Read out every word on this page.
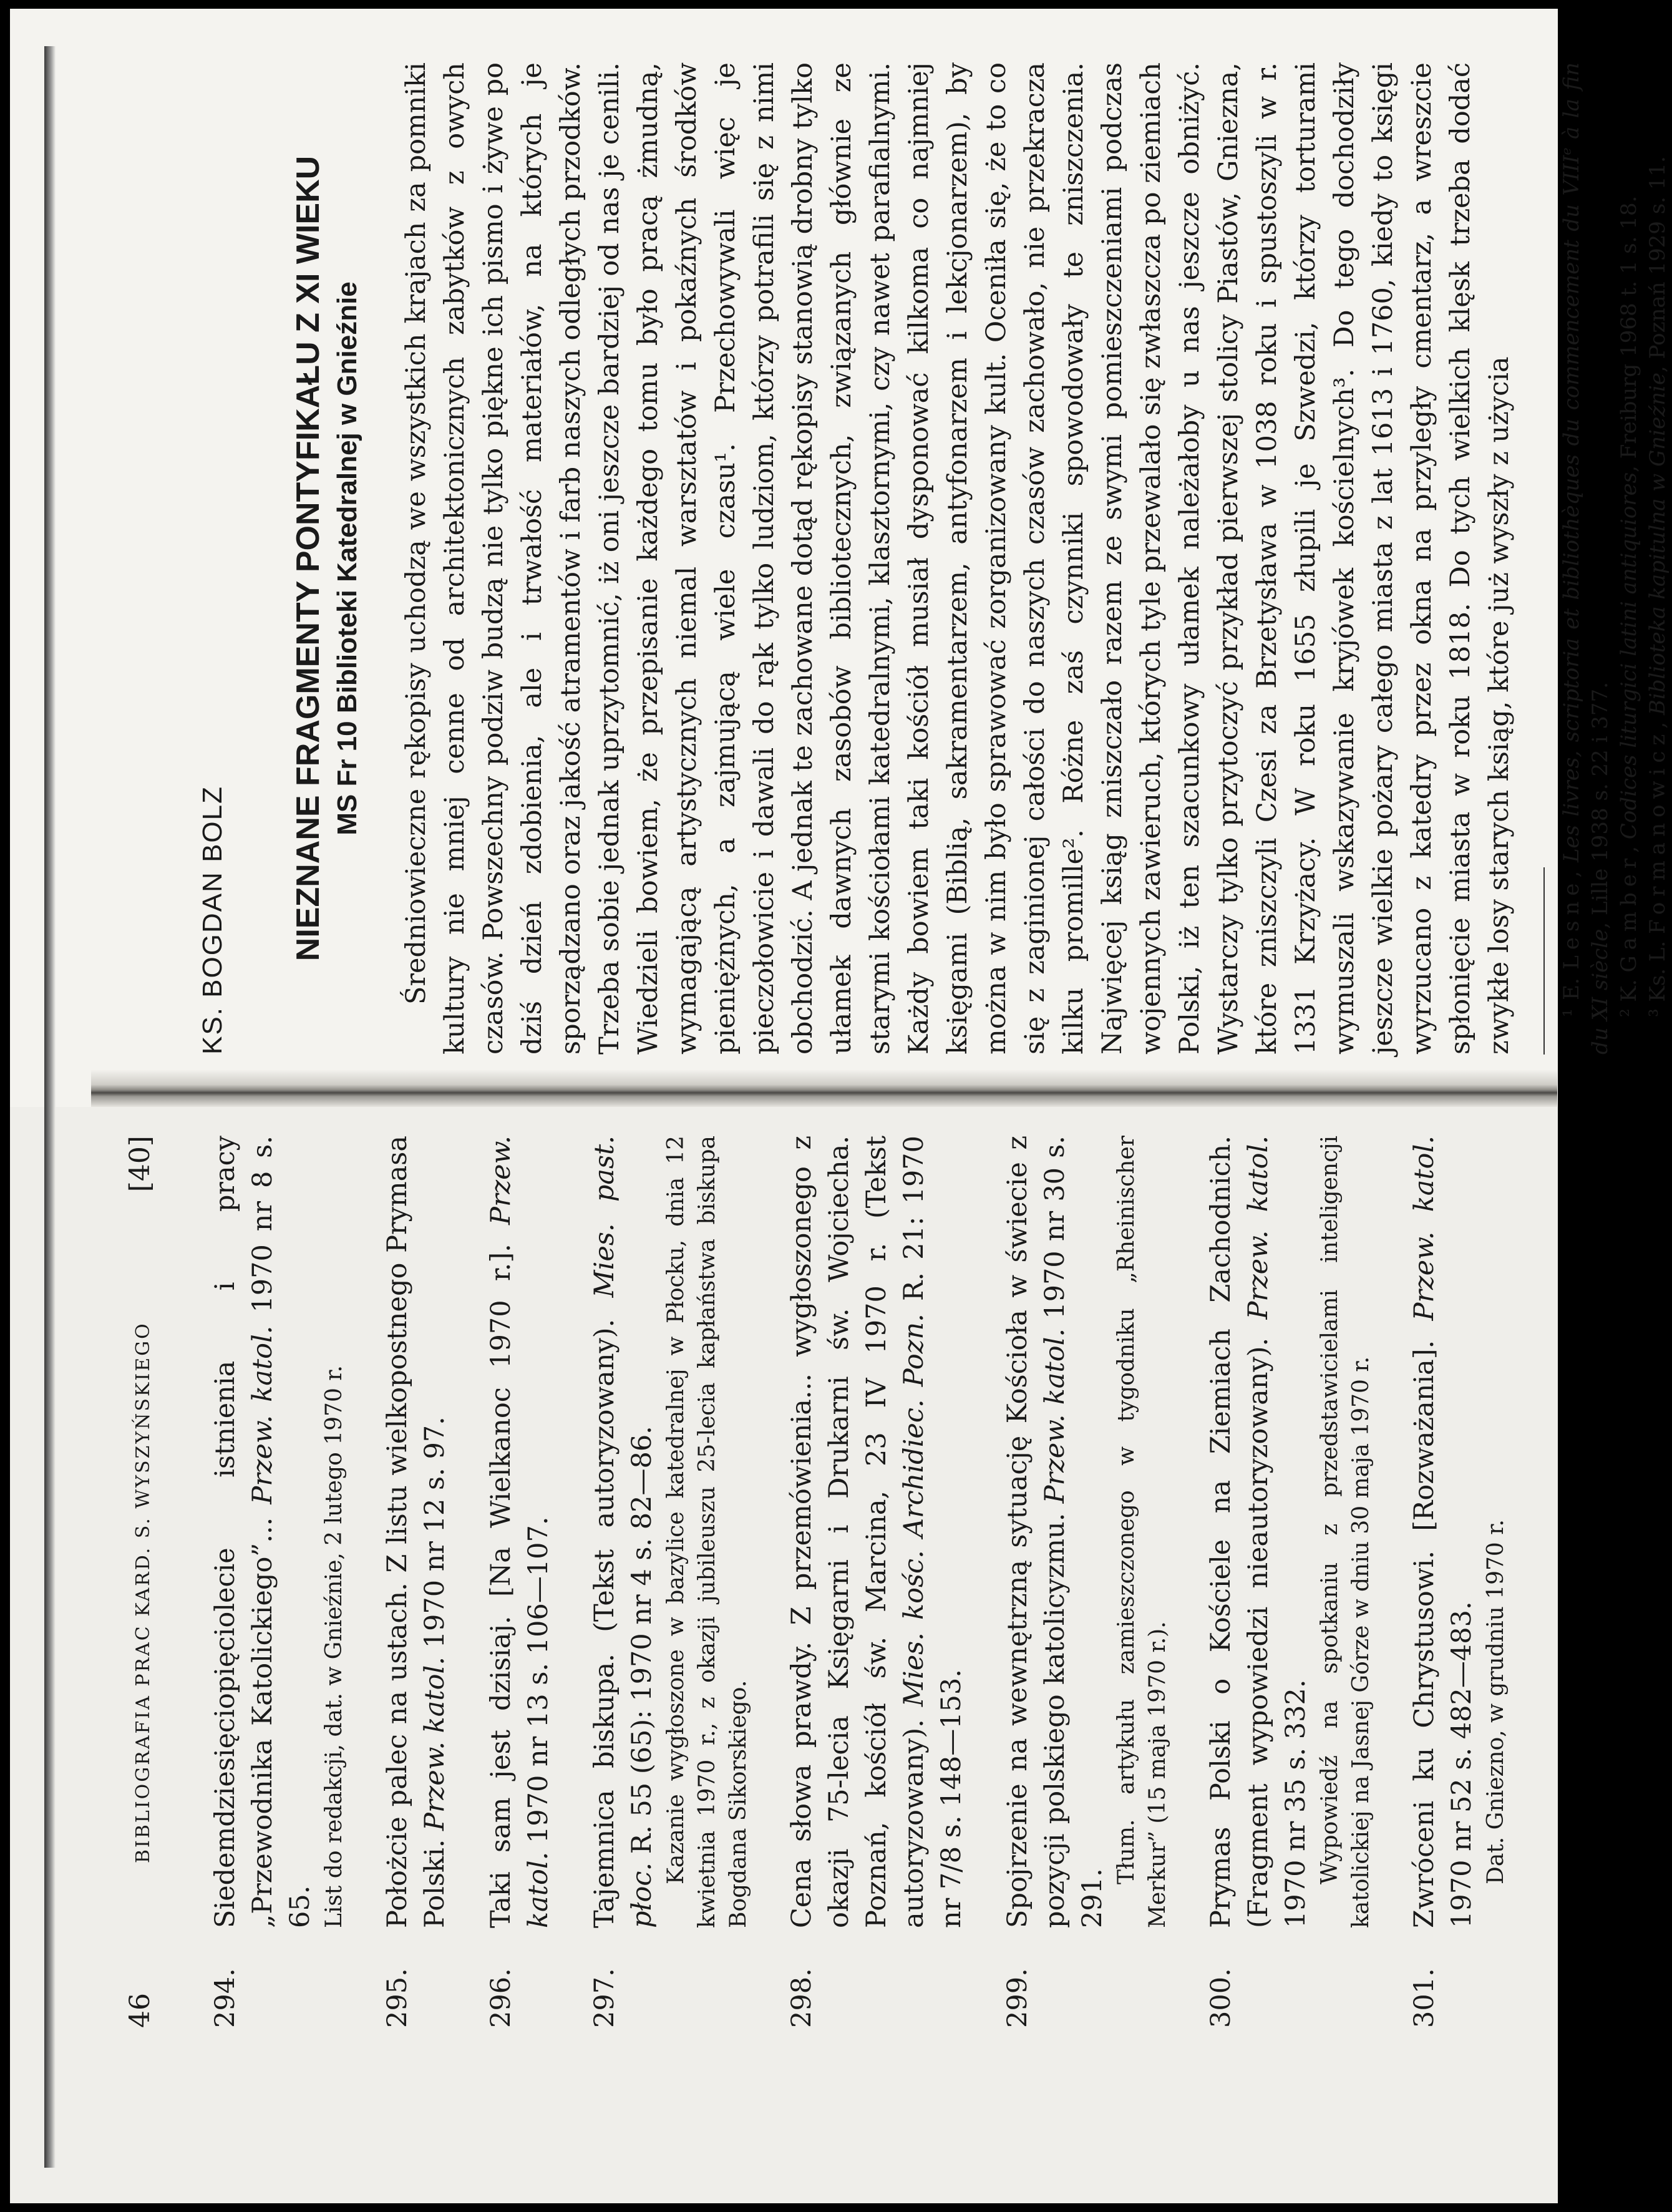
46
BIBLIOGRAFIA PRAC KARD. S. WYSZYŃSKIEGO
[40]
294.
Siedemdziesięciopięciolecie istnienia i pracy „Przewodnika Katolickiego”... Przew. katol. 1970 nr 8 s. 65. List do redakcji, dat. w Gnieźnie, 2 lutego 1970 r.
295.
Położcie palec na ustach. Z listu wielkopostnego Prymasa Polski. Przew. katol. 1970 nr 12 s. 97.
296.
Taki sam jest dzisiaj. [Na Wielkanoc 1970 r.]. Przew. katol. 1970 nr 13 s. 106—107.
297.
Tajemnica biskupa. (Tekst autoryzowany). Mies. past. płoc. R. 55 (65): 1970 nr 4 s. 82—86. Kazanie wygłoszone w bazylice katedralnej w Płocku, dnia 12 kwietnia 1970 r., z okazji jubileuszu 25-lecia kapłaństwa biskupa Bogdana Sikorskiego.
298.
Cena słowa prawdy. Z przemówienia... wygłoszonego z okazji 75-lecia Księgarni i Drukarni św. Wojciecha. Poznań, kościół św. Marcina, 23 IV 1970 r. (Tekst autoryzowany). Mies. kośc. Archidiec. Pozn. R. 21: 1970 nr 7/8 s. 148—153.
299.
Spojrzenie na wewnętrzną sytuację Kościoła w świecie z pozycji polskiego katolicyzmu. Przew. katol. 1970 nr 30 s. 291.
Tłum. artykułu zamieszczonego w tygodniku „Rheinischer Merkur” (15 maja 1970 r.).
300.
Prymas Polski o Kościele na Ziemiach Zachodnich. (Fragment wypowiedzi nieautoryzowany). Przew. katol. 1970 nr 35 s. 332. Wypowiedź na spotkaniu z przedstawicielami inteligencji katolickiej na Jasnej Górze w dniu 30 maja 1970 r.
301.
Zwróceni ku Chrystusowi. [Rozważania]. Przew. katol. 1970 nr 52 s. 482—483. Dat. Gniezno, w grudniu 1970 r.
KS. BOGDAN BOLZ	NIEZNANE FRAGMENTY PONTYFIKAŁU Z XI WIEKU MS Fr 10 Biblioteki Katedralnej w Gnieźnie Średniowieczne rękopisy uchodzą we wszystkich krajach za pomniki kultury nie mniej cenne od architektonicznych zabytków z owych czasów. Powszechny podziw budzą nie tylko piękne ich pismo i żywe po dziś dzień zdobienia, ale i trwałość materiałów, na których je sporządzano oraz jakość atramentów i farb naszych odległych przodków. Trzeba sobie jednak uprzytomnić, iż oni jeszcze bardziej od nas je cenili. Wiedzieli bowiem, że przepisanie każdego tomu było pracą żmudną, wymagającą artystycznych niemal warsztatów i pokaźnych środków pieniężnych, a zajmującą wiele czasu¹. Przechowywali więc je pieczołowicie i dawali do rąk tylko ludziom, którzy potrafili się z nimi obchodzić. A jednak te zachowane dotąd rękopisy stanowią drobny tylko ułamek dawnych zasobów bibliotecznych, związanych głównie ze starymi kościołami katedralnymi, klasztornymi, czy nawet parafialnymi. Każdy bowiem taki kościół musiał dysponować kilkoma co najmniej księgami (Biblią, sakramentarzem, antyfonarzem i lekcjonarzem), by można w nim było sprawować zorganizowany kult. Oceniła się, że to co się z zaginionej całości do naszych czasów zachowało, nie przekracza kilku promille². Różne zaś czynniki spowodowały te zniszczenia. Najwięcej ksiąg zniszczało razem ze swymi pomieszczeniami podczas wojennych zawieruch, których tyle przewalało się zwłaszcza po ziemiach Polski, iż ten szacunkowy ułamek należałoby u nas jeszcze obniżyć. Wystarczy tylko przytoczyć przykład pierwszej stolicy Piastów, Gniezna, które zniszczyli Czesi za Brzetysława w 1038 roku i spustoszyli w r. 1331 Krzyżacy. W roku 1655 złupili je Szwedzi, którzy torturami wymuszali wskazywanie kryjówek kościelnych³. Do tego dochodziły jeszcze wielkie pożary całego miasta z lat 1613 i 1760, kiedy to księgi wyrzucano z katedry przez okna na przyległy cmentarz, a wreszcie spłonięcie miasta w roku 1818. Do tych wielkich klęsk trzeba dodać zwykłe losy starych ksiąg, które już wyszły z użycia ¹ E. Lesne, Les livres, scriptoria et bibliothèques du commencement du VIIIe à la fin du XI siècle, Lille 1938 s. 22 i 377.

² K. Gamber, Codices liturgici latini antiquiores, Freiburg 1968 t. 1 s. 18.

³ Ks. L. Formanowicz, Biblioteka kapitulna w Gnieźnie, Poznań 1929 s. 11.
